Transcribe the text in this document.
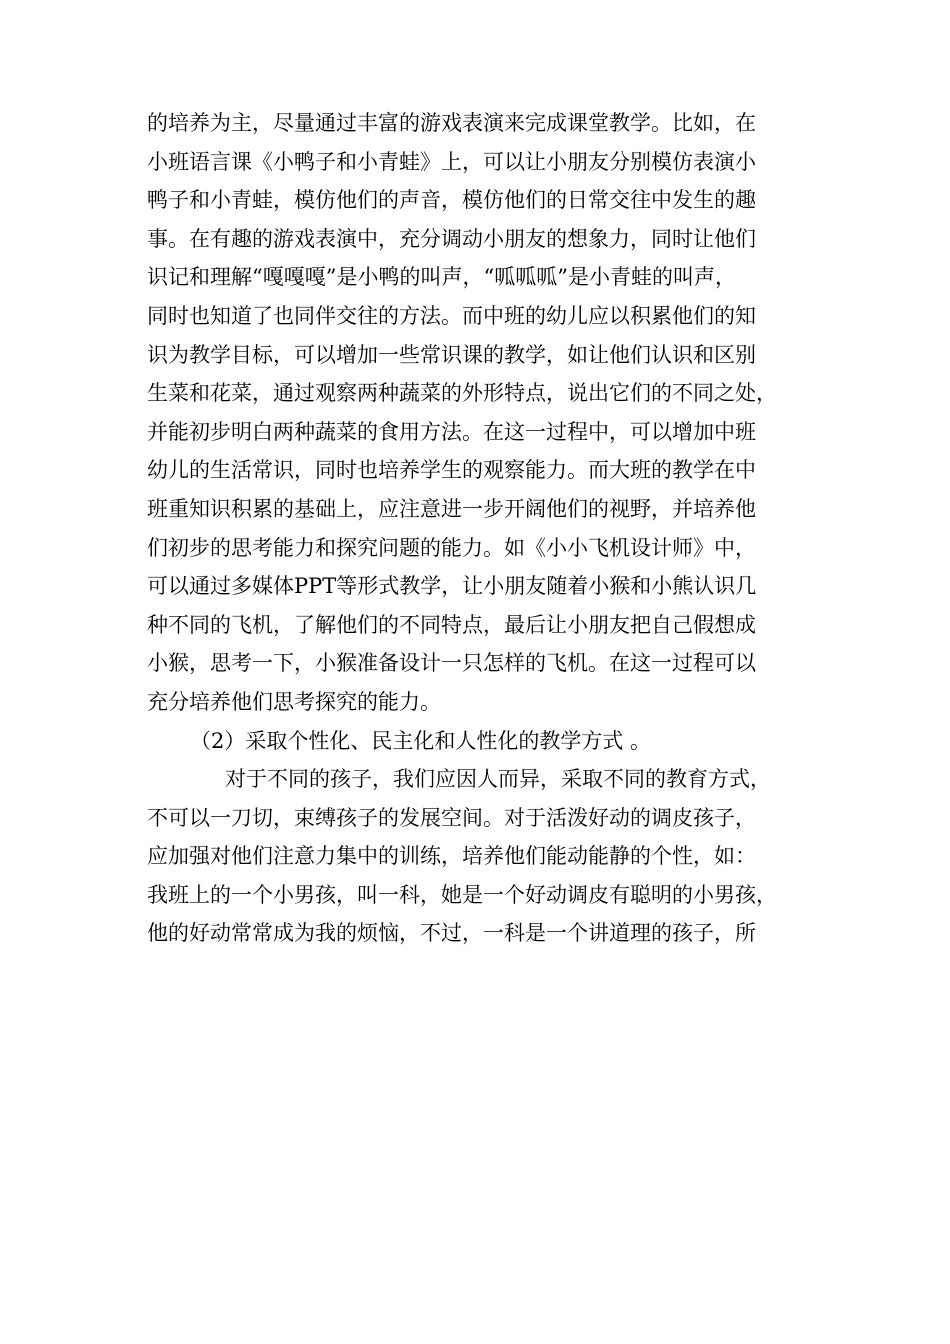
的培养为主，尽量通过丰富的游戏表演来完成课堂教学。比如，在
小班语言课《小鸭子和小青蛙》上，可以让小朋友分别模仿表演小
鸭子和小青蛙，模仿他们的声音，模仿他们的日常交往中发生的趣
事。在有趣的游戏表演中，充分调动小朋友的想象力，同时让他们
识记和理解“嘎嘎嘎”是小鸭的叫声，“呱呱呱”是小青蛙的叫声，
同时也知道了也同伴交往的方法。而中班的幼儿应以积累他们的知
识为教学目标，可以增加一些常识课的教学，如让他们认识和区别
生菜和花菜，通过观察两种蔬菜的外形特点，说出它们的不同之处，
并能初步明白两种蔬菜的食用方法。在这一过程中，可以增加中班
幼儿的生活常识，同时也培养学生的观察能力。而大班的教学在中
班重知识积累的基础上，应注意进一步开阔他们的视野，并培养他
们初步的思考能力和探究问题的能力。如《小小飞机设计师》中，
可以通过多媒体PPT等形式教学，让小朋友随着小猴和小熊认识几
种不同的飞机，了解他们的不同特点，最后让小朋友把自己假想成
小猴，思考一下，小猴准备设计一只怎样的飞机。在这一过程可以
充分培养他们思考探究的能力。
（2）采取个性化、民主化和人性化的教学方式 。
对于不同的孩子，我们应因人而异，采取不同的教育方式，
不可以一刀切，束缚孩子的发展空间。对于活泼好动的调皮孩子，
应加强对他们注意力集中的训练，培养他们能动能静的个性，如：
我班上的一个小男孩，叫一科，她是一个好动调皮有聪明的小男孩，
他的好动常常成为我的烦恼，不过，一科是一个讲道理的孩子，所
